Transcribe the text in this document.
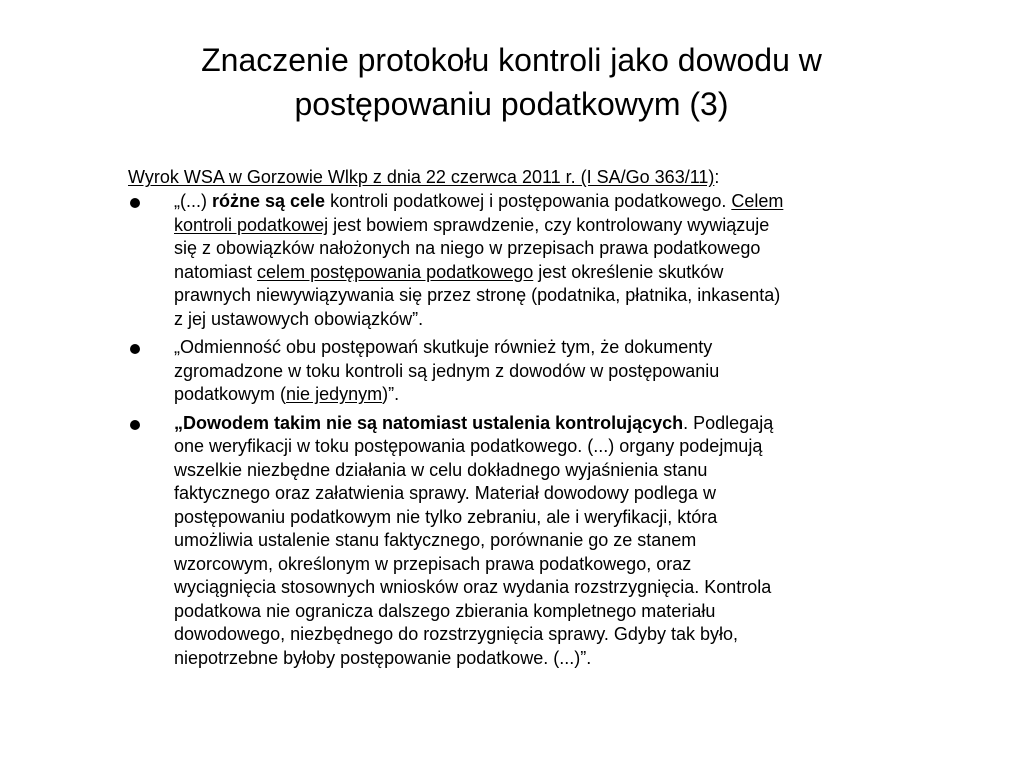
Znaczenie protokołu kontroli jako dowodu w
postępowaniu podatkowym (3)
Wyrok WSA w Gorzowie Wlkp z dnia 22 czerwca 2011 r. (I SA/Go 363/11):
„(...) różne są cele kontroli podatkowej i postępowania podatkowego. Celem
kontroli podatkowej jest bowiem sprawdzenie, czy kontrolowany wywiązuje
się z obowiązków nałożonych na niego w przepisach prawa podatkowego
natomiast celem postępowania podatkowego jest określenie skutków
prawnych niewywiązywania się przez stronę (podatnika, płatnika, inkasenta)
z jej ustawowych obowiązków”.
„Odmienność obu postępowań skutkuje również tym, że dokumenty
zgromadzone w toku kontroli są jednym z dowodów w postępowaniu
podatkowym (nie jedynym)”.
„Dowodem takim nie są natomiast ustalenia kontrolujących. Podlegają
one weryfikacji w toku postępowania podatkowego. (...) organy podejmują
wszelkie niezbędne działania w celu dokładnego wyjaśnienia stanu
faktycznego oraz załatwienia sprawy. Materiał dowodowy podlega w
postępowaniu podatkowym nie tylko zebraniu, ale i weryfikacji, która
umożliwia ustalenie stanu faktycznego, porównanie go ze stanem
wzorcowym, określonym w przepisach prawa podatkowego, oraz
wyciągnięcia stosownych wniosków oraz wydania rozstrzygnięcia. Kontrola
podatkowa nie ogranicza dalszego zbierania kompletnego materiału
dowodowego, niezbędnego do rozstrzygnięcia sprawy. Gdyby tak było,
niepotrzebne byłoby postępowanie podatkowe. (...)”.
